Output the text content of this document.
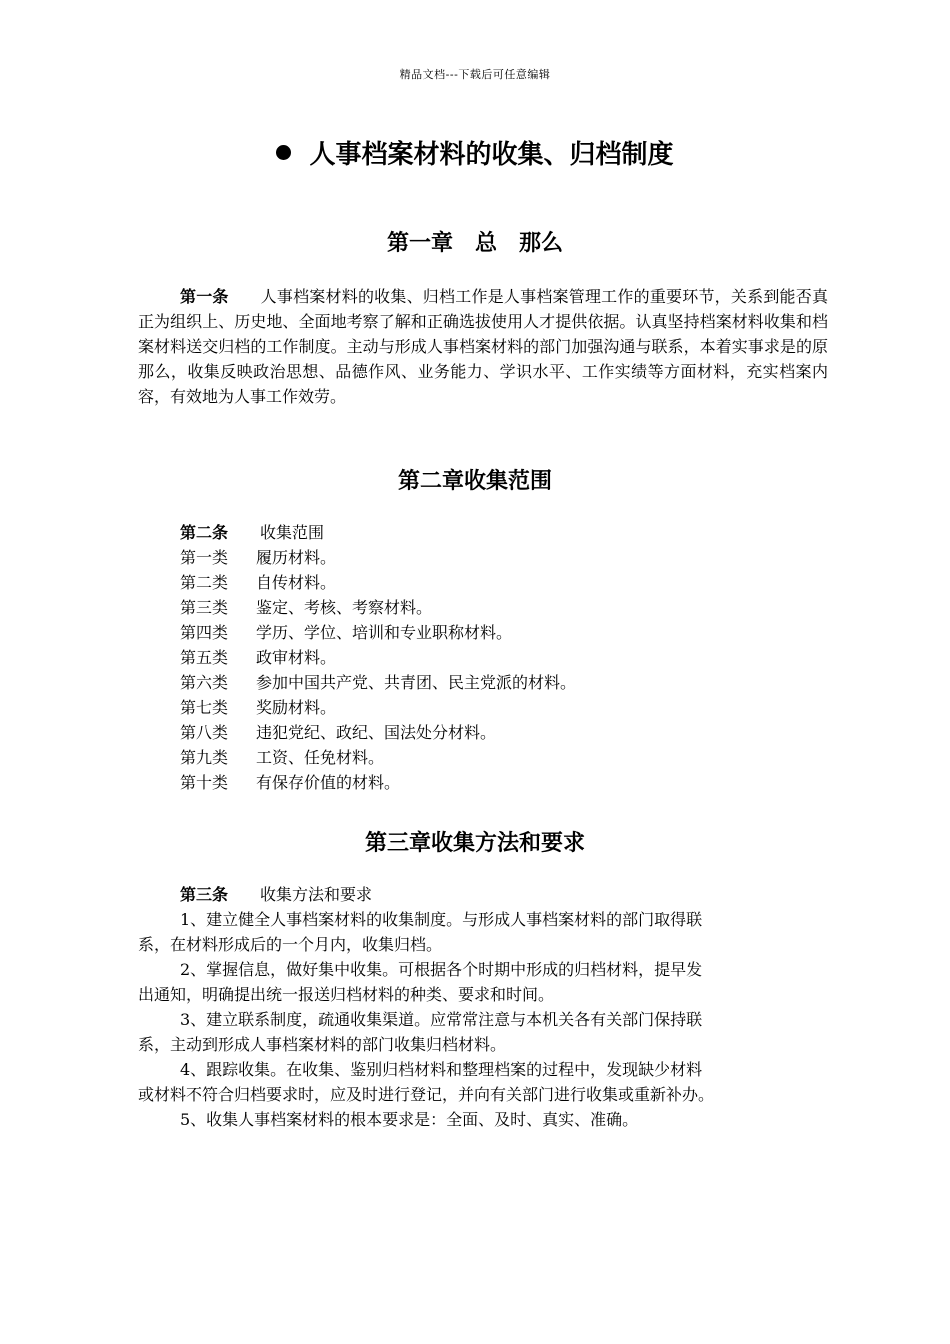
精品文档---下载后可任意编辑
人事档案材料的收集、归档制度
第一章　总　那么
第一条 人事档案材料的收集、归档工作是人事档案管理工作的重要环节，关系到能否真正为组织上、历史地、全面地考察了解和正确选拔使用人才提供依据。认真坚持档案材料收集和档案材料送交归档的工作制度。主动与形成人事档案材料的部门加强沟通与联系，本着实事求是的原那么，收集反映政治思想、品德作风、业务能力、学识水平、工作实绩等方面材料，充实档案内容，有效地为人事工作效劳。
第二章收集范围
第二条 收集范围
第一类 履历材料。
第二类 自传材料。
第三类 鉴定、考核、考察材料。
第四类 学历、学位、培训和专业职称材料。
第五类 政审材料。
第六类 参加中国共产党、共青团、民主党派的材料。
第七类 奖励材料。
第八类 违犯党纪、政纪、国法处分材料。
第九类 工资、任免材料。
第十类 有保存价值的材料。
第三章收集方法和要求
第三条 收集方法和要求
1、建立健全人事档案材料的收集制度。与形成人事档案材料的部门取得联
系，在材料形成后的一个月内，收集归档。
2、掌握信息，做好集中收集。可根据各个时期中形成的归档材料，提早发
出通知，明确提出统一报送归档材料的种类、要求和时间。
3、建立联系制度，疏通收集渠道。应常常注意与本机关各有关部门保持联
系，主动到形成人事档案材料的部门收集归档材料。
4、跟踪收集。在收集、鉴别归档材料和整理档案的过程中，发现缺少材料
或材料不符合归档要求时，应及时进行登记，并向有关部门进行收集或重新补办。
5、收集人事档案材料的根本要求是：全面、及时、真实、准确。
